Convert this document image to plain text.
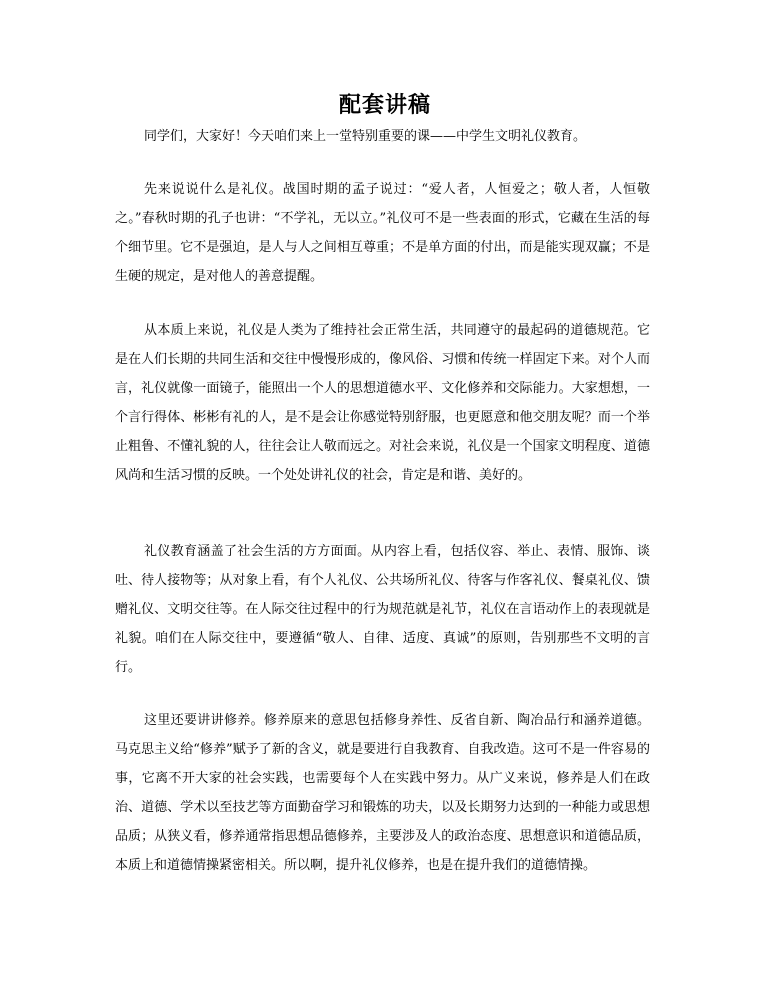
配套讲稿

同学们，大家好！今天咱们来上一堂特别重要的课——中学生文明礼仪教育。

先来说说什么是礼仪。战国时期的孟子说过：“爱人者，人恒爱之；敬人者，人恒敬之。”春秋时期的孔子也讲：“不学礼，无以立。”礼仪可不是一些表面的形式，它藏在生活的每个细节里。它不是强迫，是人与人之间相互尊重；不是单方面的付出，而是能实现双赢；不是生硬的规定，是对他人的善意提醒。

从本质上来说，礼仪是人类为了维持社会正常生活，共同遵守的最起码的道德规范。它是在人们长期的共同生活和交往中慢慢形成的，像风俗、习惯和传统一样固定下来。对个人而言，礼仪就像一面镜子，能照出一个人的思想道德水平、文化修养和交际能力。大家想想，一个言行得体、彬彬有礼的人，是不是会让你感觉特别舒服，也更愿意和他交朋友呢？而一个举止粗鲁、不懂礼貌的人，往往会让人敬而远之。对社会来说，礼仪是一个国家文明程度、道德风尚和生活习惯的反映。一个处处讲礼仪的社会，肯定是和谐、美好的。

礼仪教育涵盖了社会生活的方方面面。从内容上看，包括仪容、举止、表情、服饰、谈吐、待人接物等；从对象上看，有个人礼仪、公共场所礼仪、待客与作客礼仪、餐桌礼仪、馈赠礼仪、文明交往等。在人际交往过程中的行为规范就是礼节，礼仪在言语动作上的表现就是礼貌。咱们在人际交往中，要遵循“敬人、自律、适度、真诚”的原则，告别那些不文明的言行。

这里还要讲讲修养。修养原来的意思包括修身养性、反省自新、陶冶品行和涵养道德。马克思主义给“修养”赋予了新的含义，就是要进行自我教育、自我改造。这可不是一件容易的事，它离不开大家的社会实践，也需要每个人在实践中努力。从广义来说，修养是人们在政治、道德、学术以至技艺等方面勤奋学习和锻炼的功夫，以及长期努力达到的一种能力或思想品质；从狭义看，修养通常指思想品德修养，主要涉及人的政治态度、思想意识和道德品质，本质上和道德情操紧密相关。所以啊，提升礼仪修养，也是在提升我们的道德情操。
